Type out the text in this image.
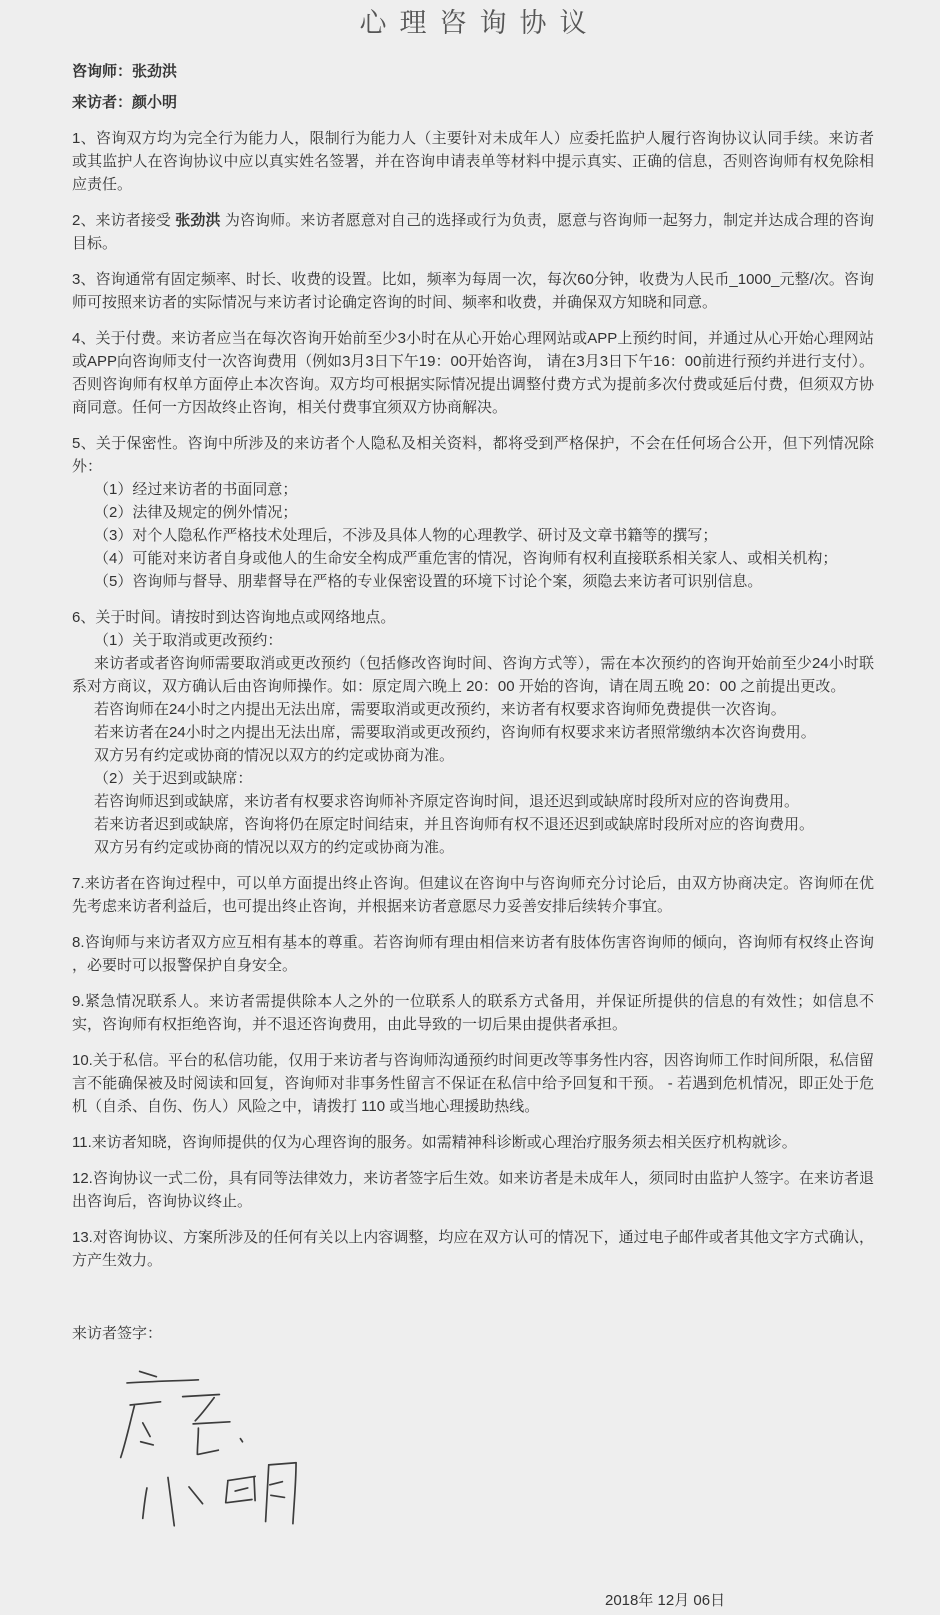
心理咨询协议

咨询师：张劲洪

来访者：颜小明

1、咨询双方均为完全行为能力人，限制行为能力人（主要针对未成年人）应委托监护人履行咨询协议认同手续。来访者或其监护人在咨询协议中应以真实姓名签署，并在咨询申请表单等材料中提示真实、正确的信息，否则咨询师有权免除相应责任。

2、来访者接受 张劲洪 为咨询师。来访者愿意对自己的选择或行为负责，愿意与咨询师一起努力，制定并达成合理的咨询目标。

3、咨询通常有固定频率、时长、收费的设置。比如，频率为每周一次，每次60分钟，收费为人民币_1000_元整/次。咨询师可按照来访者的实际情况与来访者讨论确定咨询的时间、频率和收费，并确保双方知晓和同意。

4、关于付费。来访者应当在每次咨询开始前至少3小时在从心开始心理网站或APP上预约时间，并通过从心开始心理网站或APP向咨询师支付一次咨询费用（例如3月3日下午19：00开始咨询， 请在3月3日下午16：00前进行预约并进行支付）。否则咨询师有权单方面停止本次咨询。双方均可根据实际情况提出调整付费方式为提前多次付费或延后付费，但须双方协商同意。任何一方因故终止咨询，相关付费事宜须双方协商解决。

5、关于保密性。咨询中所涉及的来访者个人隐私及相关资料，都将受到严格保护，不会在任何场合公开，但下列情况除外：

（1）经过来访者的书面同意；

（2）法律及规定的例外情况；

（3）对个人隐私作严格技术处理后，不涉及具体人物的心理教学、研讨及文章书籍等的撰写；

（4）可能对来访者自身或他人的生命安全构成严重危害的情况，咨询师有权利直接联系相关家人、或相关机构；

（5）咨询师与督导、朋辈督导在严格的专业保密设置的环境下讨论个案，须隐去来访者可识别信息。

6、关于时间。请按时到达咨询地点或网络地点。

（1）关于取消或更改预约：

来访者或者咨询师需要取消或更改预约（包括修改咨询时间、咨询方式等），需在本次预约的咨询开始前至少24小时联系对方商议，双方确认后由咨询师操作。如：原定周六晚上 20：00 开始的咨询，请在周五晚 20：00 之前提出更改。

若咨询师在24小时之内提出无法出席，需要取消或更改预约，来访者有权要求咨询师免费提供一次咨询。

若来访者在24小时之内提出无法出席，需要取消或更改预约，咨询师有权要求来访者照常缴纳本次咨询费用。

双方另有约定或协商的情况以双方的约定或协商为准。

（2）关于迟到或缺席：

若咨询师迟到或缺席，来访者有权要求咨询师补齐原定咨询时间，退还迟到或缺席时段所对应的咨询费用。

若来访者迟到或缺席，咨询将仍在原定时间结束，并且咨询师有权不退还迟到或缺席时段所对应的咨询费用。

双方另有约定或协商的情况以双方的约定或协商为准。

7.来访者在咨询过程中，可以单方面提出终止咨询。但建议在咨询中与咨询师充分讨论后，由双方协商决定。咨询师在优先考虑来访者利益后，也可提出终止咨询，并根据来访者意愿尽力妥善安排后续转介事宜。

8.咨询师与来访者双方应互相有基本的尊重。若咨询师有理由相信来访者有肢体伤害咨询师的倾向，咨询师有权终止咨询 ，必要时可以报警保护自身安全。

9.紧急情况联系人。来访者需提供除本人之外的一位联系人的联系方式备用，并保证所提供的信息的有效性；如信息不实，咨询师有权拒绝咨询，并不退还咨询费用，由此导致的一切后果由提供者承担。

10.关于私信。平台的私信功能，仅用于来访者与咨询师沟通预约时间更改等事务性内容，因咨询师工作时间所限，私信留言不能确保被及时阅读和回复，咨询师对非事务性留言不保证在私信中给予回复和干预。 - 若遇到危机情况，即正处于危机（自杀、自伤、伤人）风险之中，请拨打 110 或当地心理援助热线。

11.来访者知晓，咨询师提供的仅为心理咨询的服务。如需精神科诊断或心理治疗服务须去相关医疗机构就诊。

12.咨询协议一式二份，具有同等法律效力，来访者签字后生效。如来访者是未成年人，须同时由监护人签字。在来访者退出咨询后，咨询协议终止。

13.对咨询协议、方案所涉及的任何有关以上内容调整，均应在双方认可的情况下，通过电子邮件或者其他文字方式确认，方产生效力。

来访者签字：

2018年 12月 06日
